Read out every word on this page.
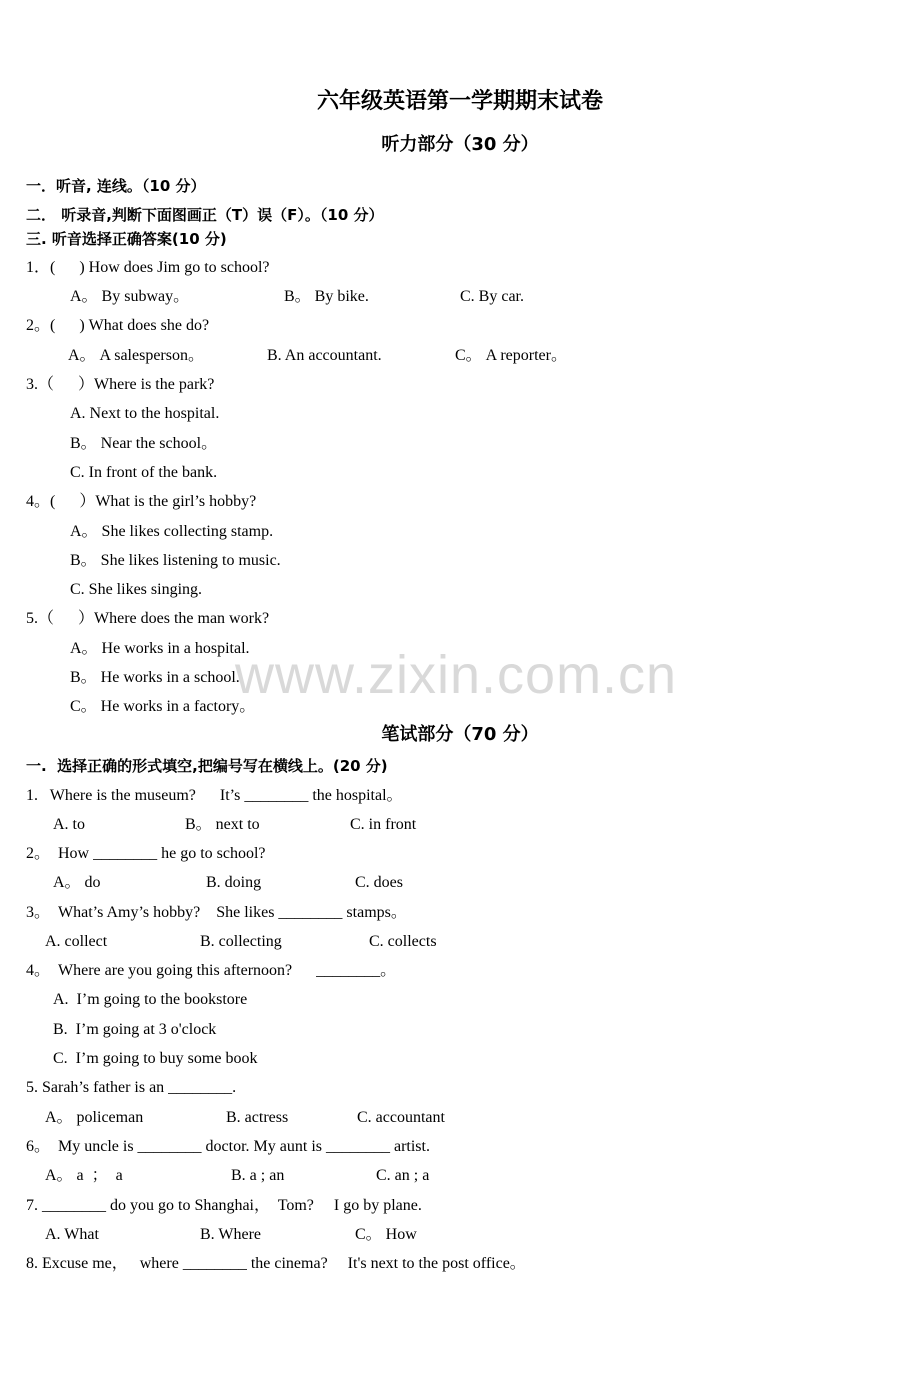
六年级英语第一学期期末试卷
听力部分（30 分）
一．听音, 连线。（10 分）
二． 听录音,判断下面图画正（T）误（F）。（10 分）
三. 听音选择正确答案(10 分)
1．(      ) How does Jim go to school?
A。 By subway。	B。 By bike.	C. By car.
2。(      ) What does she do?
A。 A salesperson。	B. An accountant.	C。 A reporter。
3.（      ）Where is the park?
A. Next to the hospital.
B。 Near the school。
C. In front of the bank.
4。(      ）What is the girl’s hobby?
A。 She likes collecting stamp.
B。 She likes listening to music.
C. She likes singing.
5.（      ）Where does the man work?
A。 He works in a hospital.
B。 He works in a school.
C。 He works in a factory。
www.zixin.com.cn
笔试部分（70 分）
一.  选择正确的形式填空,把编号写在横线上。(20 分)
1.   Where is the museum?      It’s ________ the hospital。
A. to	B。 next to	C. in front
2。  How ________ he go to school?
A。 do	B. doing	C. does
3。  What’s Amy’s hobby?    She likes ________ stamps。
A. collect	B. collecting	C. collects
4。  Where are you going this afternoon?      ________。
A.  I’m going to the bookstore
B.  I’m going at 3 o'clock
C.  I’m going to buy some book
5. Sarah’s father is an ________.
A。 policeman	B. actress	C. accountant
6。  My uncle is ________ doctor. My aunt is ________ artist.
A。 a  ；  a	B. a ; an	C. an ; a
7. ________ do you go to Shanghai，  Tom?     I go by plane.
A. What	B. Where	C。 How
8. Excuse me，   where ________ the cinema?     It's next to the post office。
